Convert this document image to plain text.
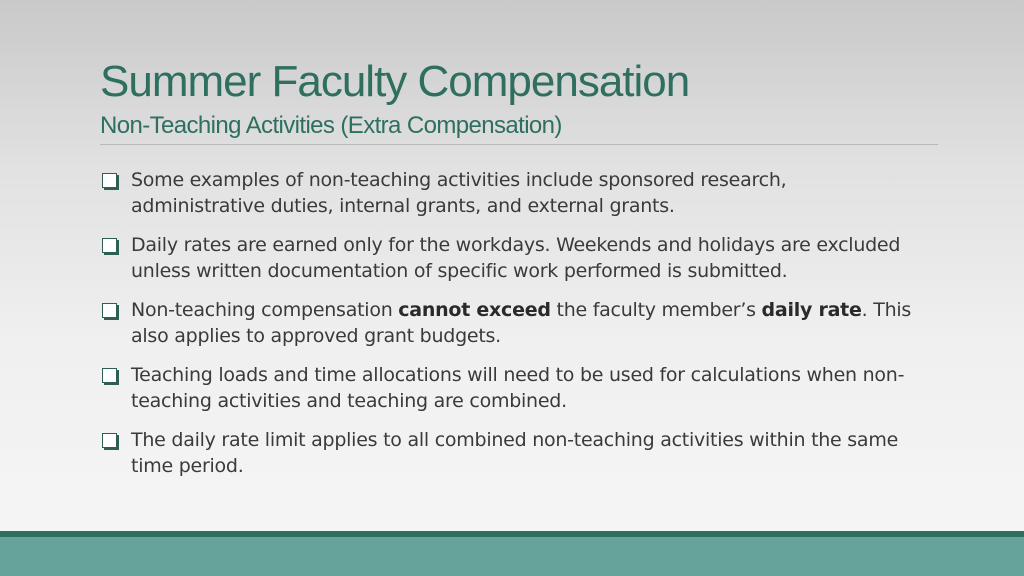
Summer Faculty Compensation
Non-Teaching Activities (Extra Compensation)
Some examples of non-teaching activities include sponsored research, administrative duties, internal grants, and external grants.
Daily rates are earned only for the workdays. Weekends and holidays are excluded unless written documentation of specific work performed is submitted.
Non-teaching compensation cannot exceed the faculty member’s daily rate. This also applies to approved grant budgets.
Teaching loads and time allocations will need to be used for calculations when non-teaching activities and teaching are combined.
The daily rate limit applies to all combined non-teaching activities within the same time period.
